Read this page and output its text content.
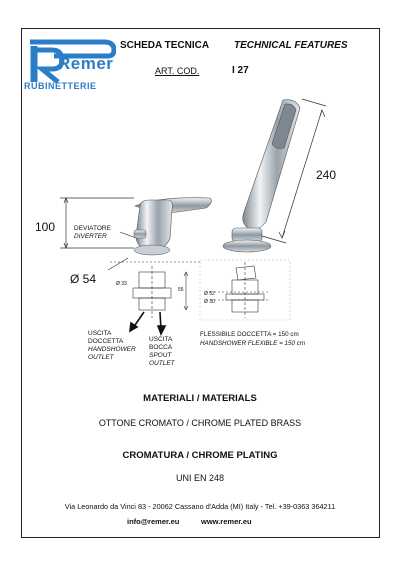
Remer
RUBINETTERIE
SCHEDA TECNICA TECHNICAL FEATURES
ART. COD.	I 27
100
Ø 54
240
DEVIATORE
DIVERTER
Ø 33
55
Ø 52
Ø 30
USCITA
DOCCETTA
HANDSHOWER
OUTLET
USCITA
BOCCA
SPOUT
OUTLET
FLESSIBILE DOCCETTA = 150 cm
HANDSHOWER FLEXIBLE = 150 cm
MATERIALI / MATERIALS
OTTONE CROMATO / CHROME PLATED BRASS
CROMATURA / CHROME PLATING
UNI EN 248
Via Leonardo da Vinci 83 - 20062 Cassano d'Adda (MI) Italy - Tel. +39-0363 364211
info@remer.eu	www.remer.eu
